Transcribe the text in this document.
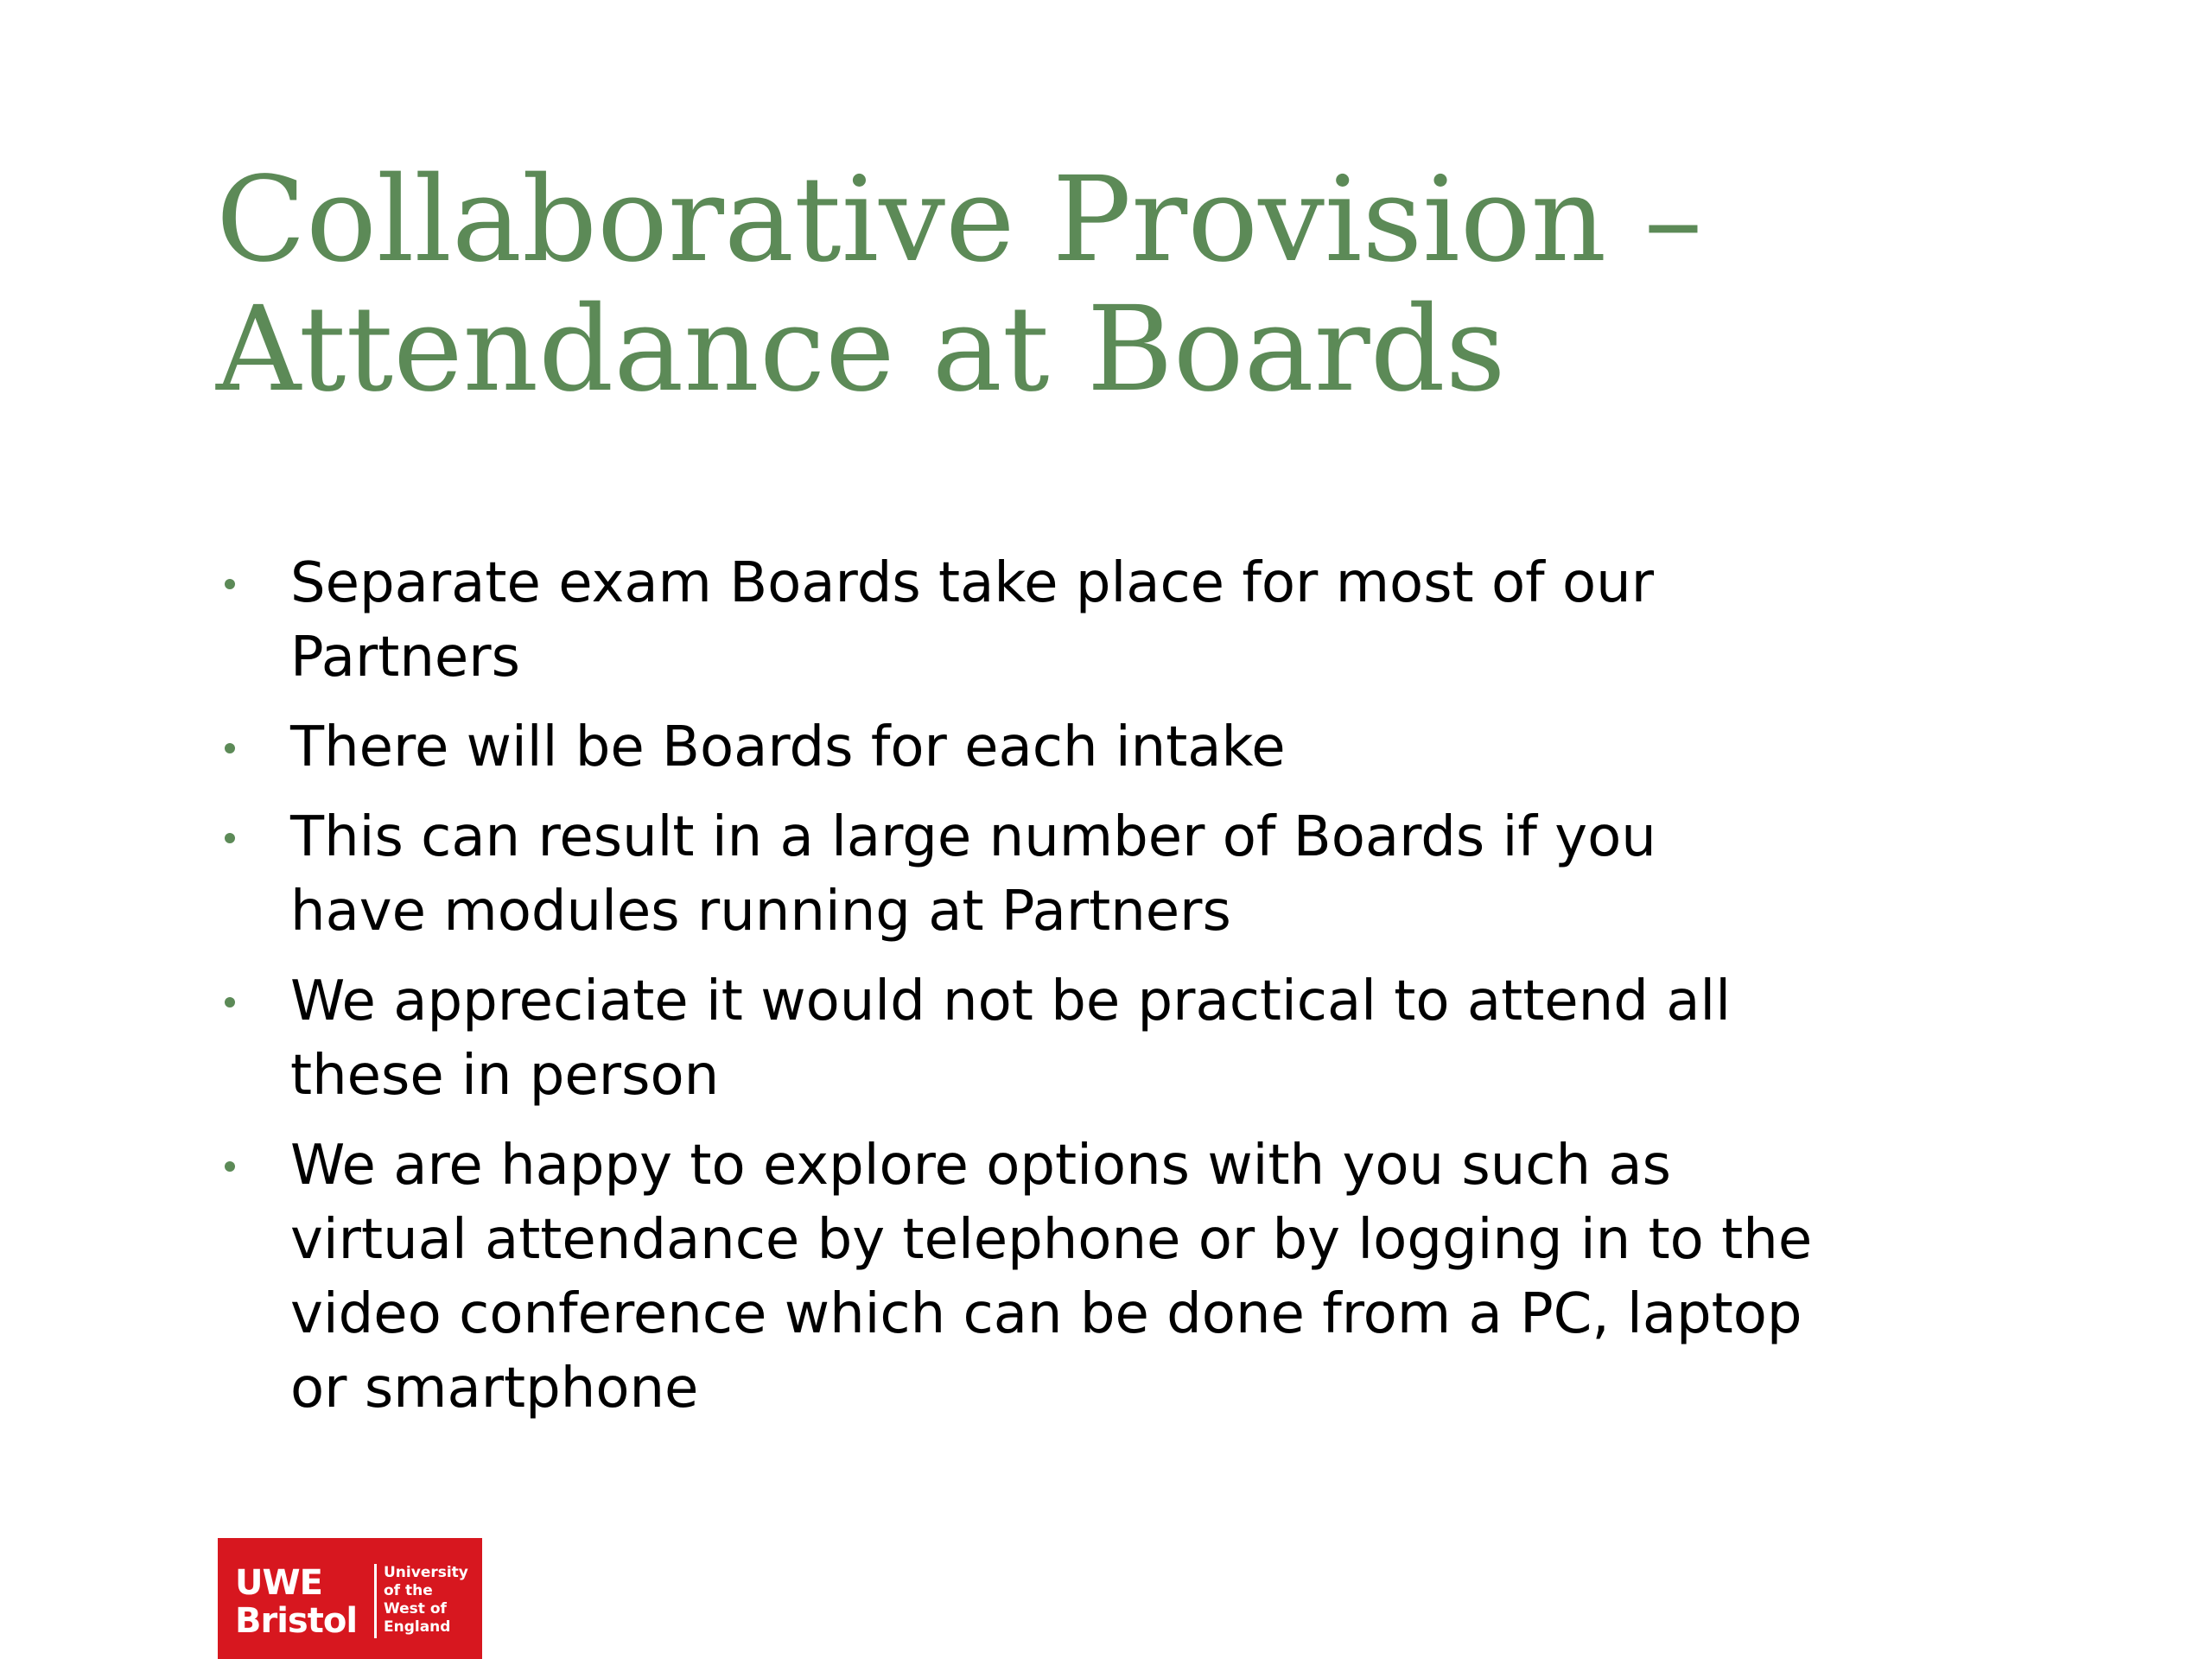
Collaborative Provision –
Attendance at Boards
Separate exam Boards take place for most of our
Partners
There will be Boards for each intake
This can result in a large number of Boards if you
have modules running at Partners
We appreciate it would not be practical to attend all
these in person
We are happy to explore options with you such as
virtual attendance by telephone or by logging in to the
video conference which can be done from a PC, laptop
or smartphone
UWE
Bristol
University
of the
West of
England
